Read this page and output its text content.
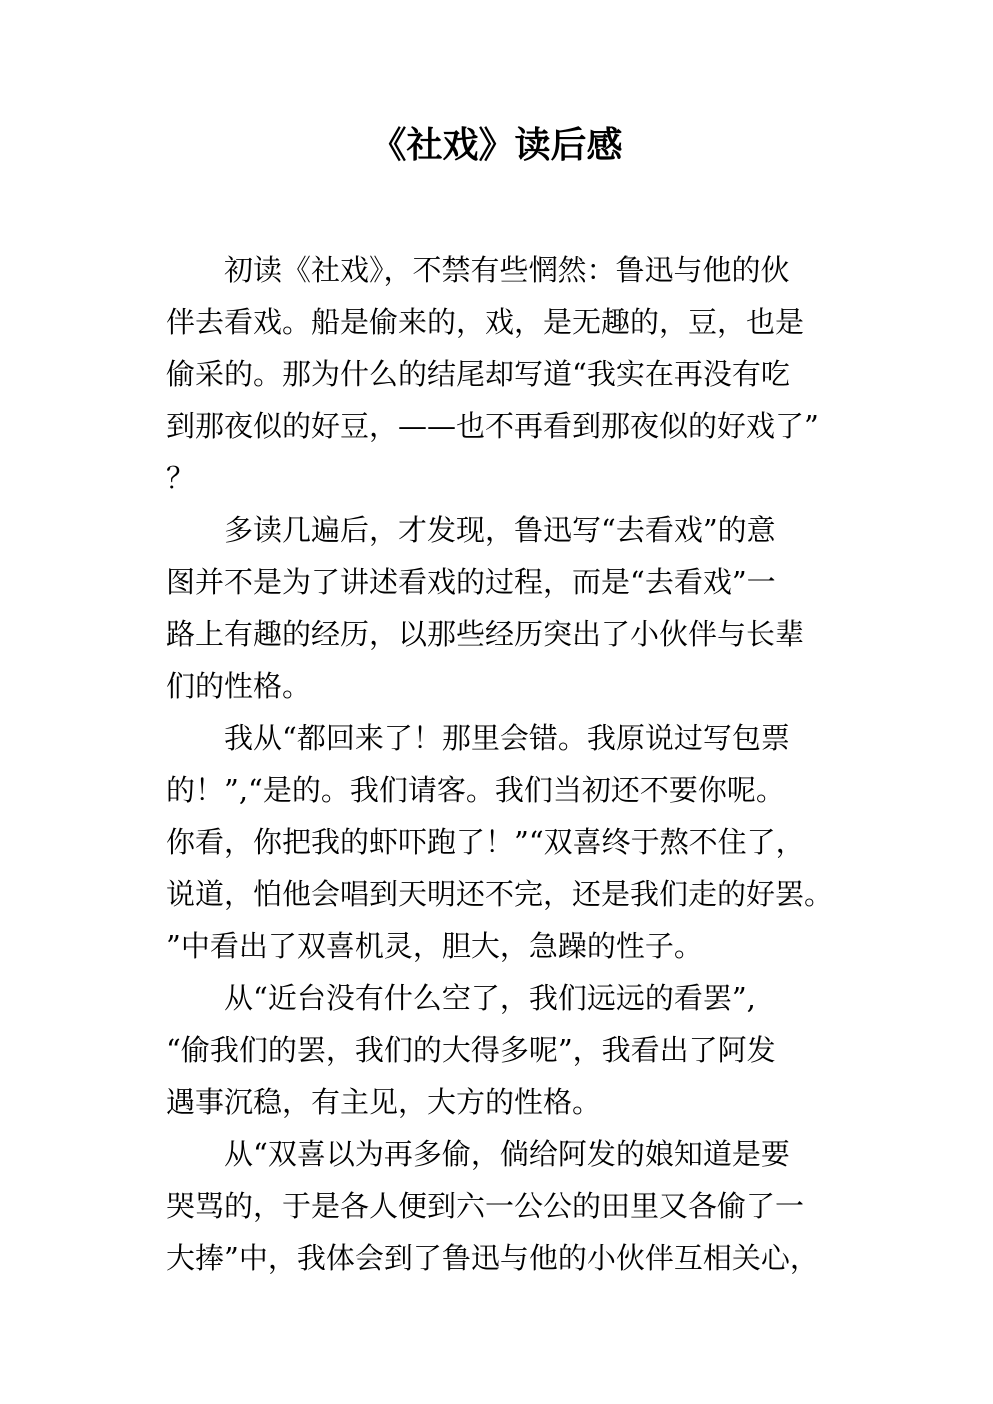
《社戏》读后感
初读《社戏》，不禁有些惘然：鲁迅与他的伙
伴去看戏。船是偷来的，戏，是无趣的，豆，也是
偷采的。那为什么的结尾却写道“我实在再没有吃
到那夜似的好豆，——也不再看到那夜似的好戏了”
？
多读几遍后，才发现，鲁迅写“去看戏”的意
图并不是为了讲述看戏的过程，而是“去看戏”一
路上有趣的经历，以那些经历突出了小伙伴与长辈
们的性格。
我从“都回来了！那里会错。我原说过写包票
的！”,“是的。我们请客。我们当初还不要你呢。
你看，你把我的虾吓跑了！”“双喜终于熬不住了，
说道，怕他会唱到天明还不完，还是我们走的好罢。
”中看出了双喜机灵，胆大，急躁的性子。
从“近台没有什么空了，我们远远的看罢”,
“偷我们的罢，我们的大得多呢”，我看出了阿发
遇事沉稳，有主见，大方的性格。
从“双喜以为再多偷，倘给阿发的娘知道是要
哭骂的，于是各人便到六一公公的田里又各偷了一
大捧”中，我体会到了鲁迅与他的小伙伴互相关心，
